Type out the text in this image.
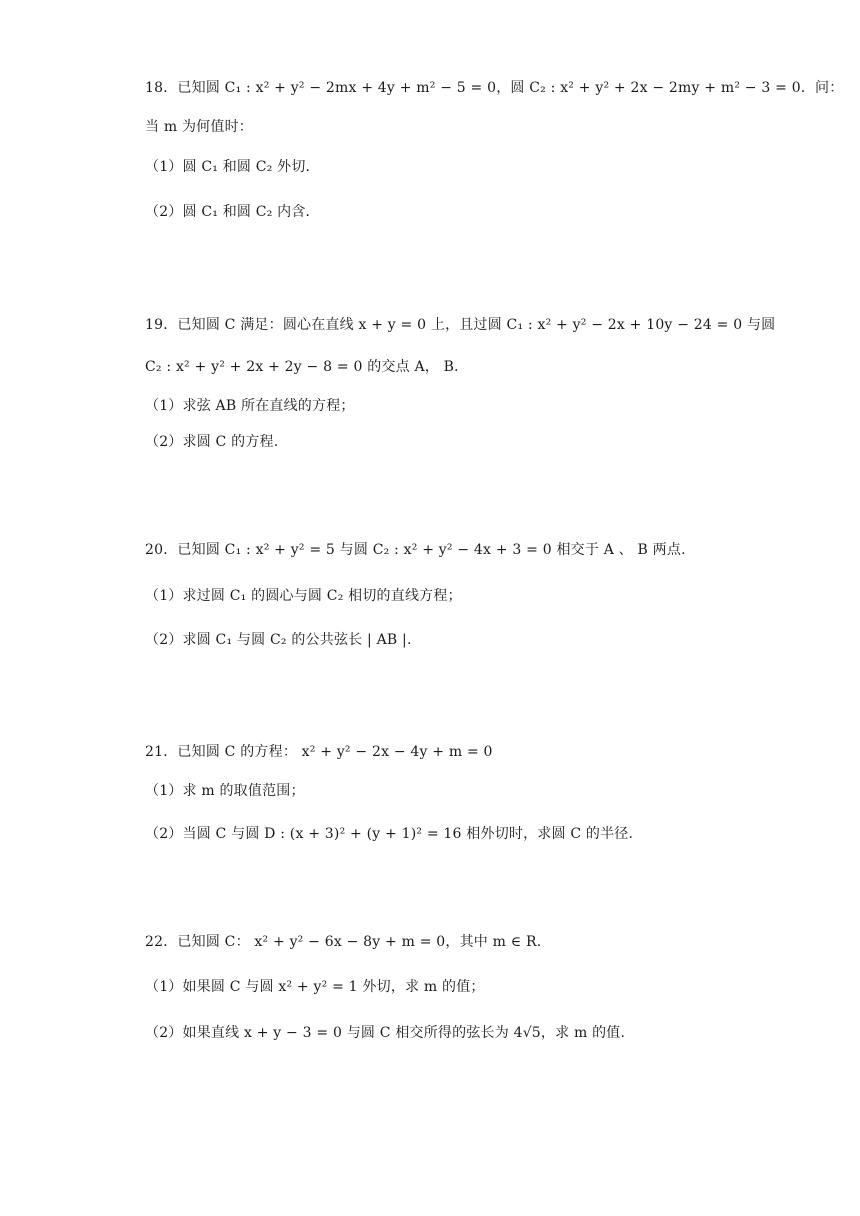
18．已知圆 C₁ : x² + y² − 2mx + 4y + m² − 5 = 0，圆 C₂ : x² + y² + 2x − 2my + m² − 3 = 0．问：
当 m 为何值时：
（1）圆 C₁ 和圆 C₂ 外切．
（2）圆 C₁ 和圆 C₂ 内含．
19．已知圆 C 满足：圆心在直线 x + y = 0 上，且过圆 C₁ : x² + y² − 2x + 10y − 24 = 0 与圆
C₂ : x² + y² + 2x + 2y − 8 = 0 的交点 A， B．
（1）求弦 AB 所在直线的方程；
（2）求圆 C 的方程.
20．已知圆 C₁ : x² + y² = 5 与圆 C₂ : x² + y² − 4x + 3 = 0 相交于 A 、 B 两点.
（1）求过圆 C₁ 的圆心与圆 C₂ 相切的直线方程；
（2）求圆 C₁ 与圆 C₂ 的公共弦长 | AB |.
21．已知圆 C 的方程： x² + y² − 2x − 4y + m = 0
（1）求 m 的取值范围；
（2）当圆 C 与圆 D : (x + 3)² + (y + 1)² = 16 相外切时，求圆 C 的半径.
22．已知圆 C： x² + y² − 6x − 8y + m = 0，其中 m ∈ R.
（1）如果圆 C 与圆 x² + y² = 1 外切，求 m 的值；
（2）如果直线 x + y − 3 = 0 与圆 C 相交所得的弦长为 4√5，求 m 的值.
